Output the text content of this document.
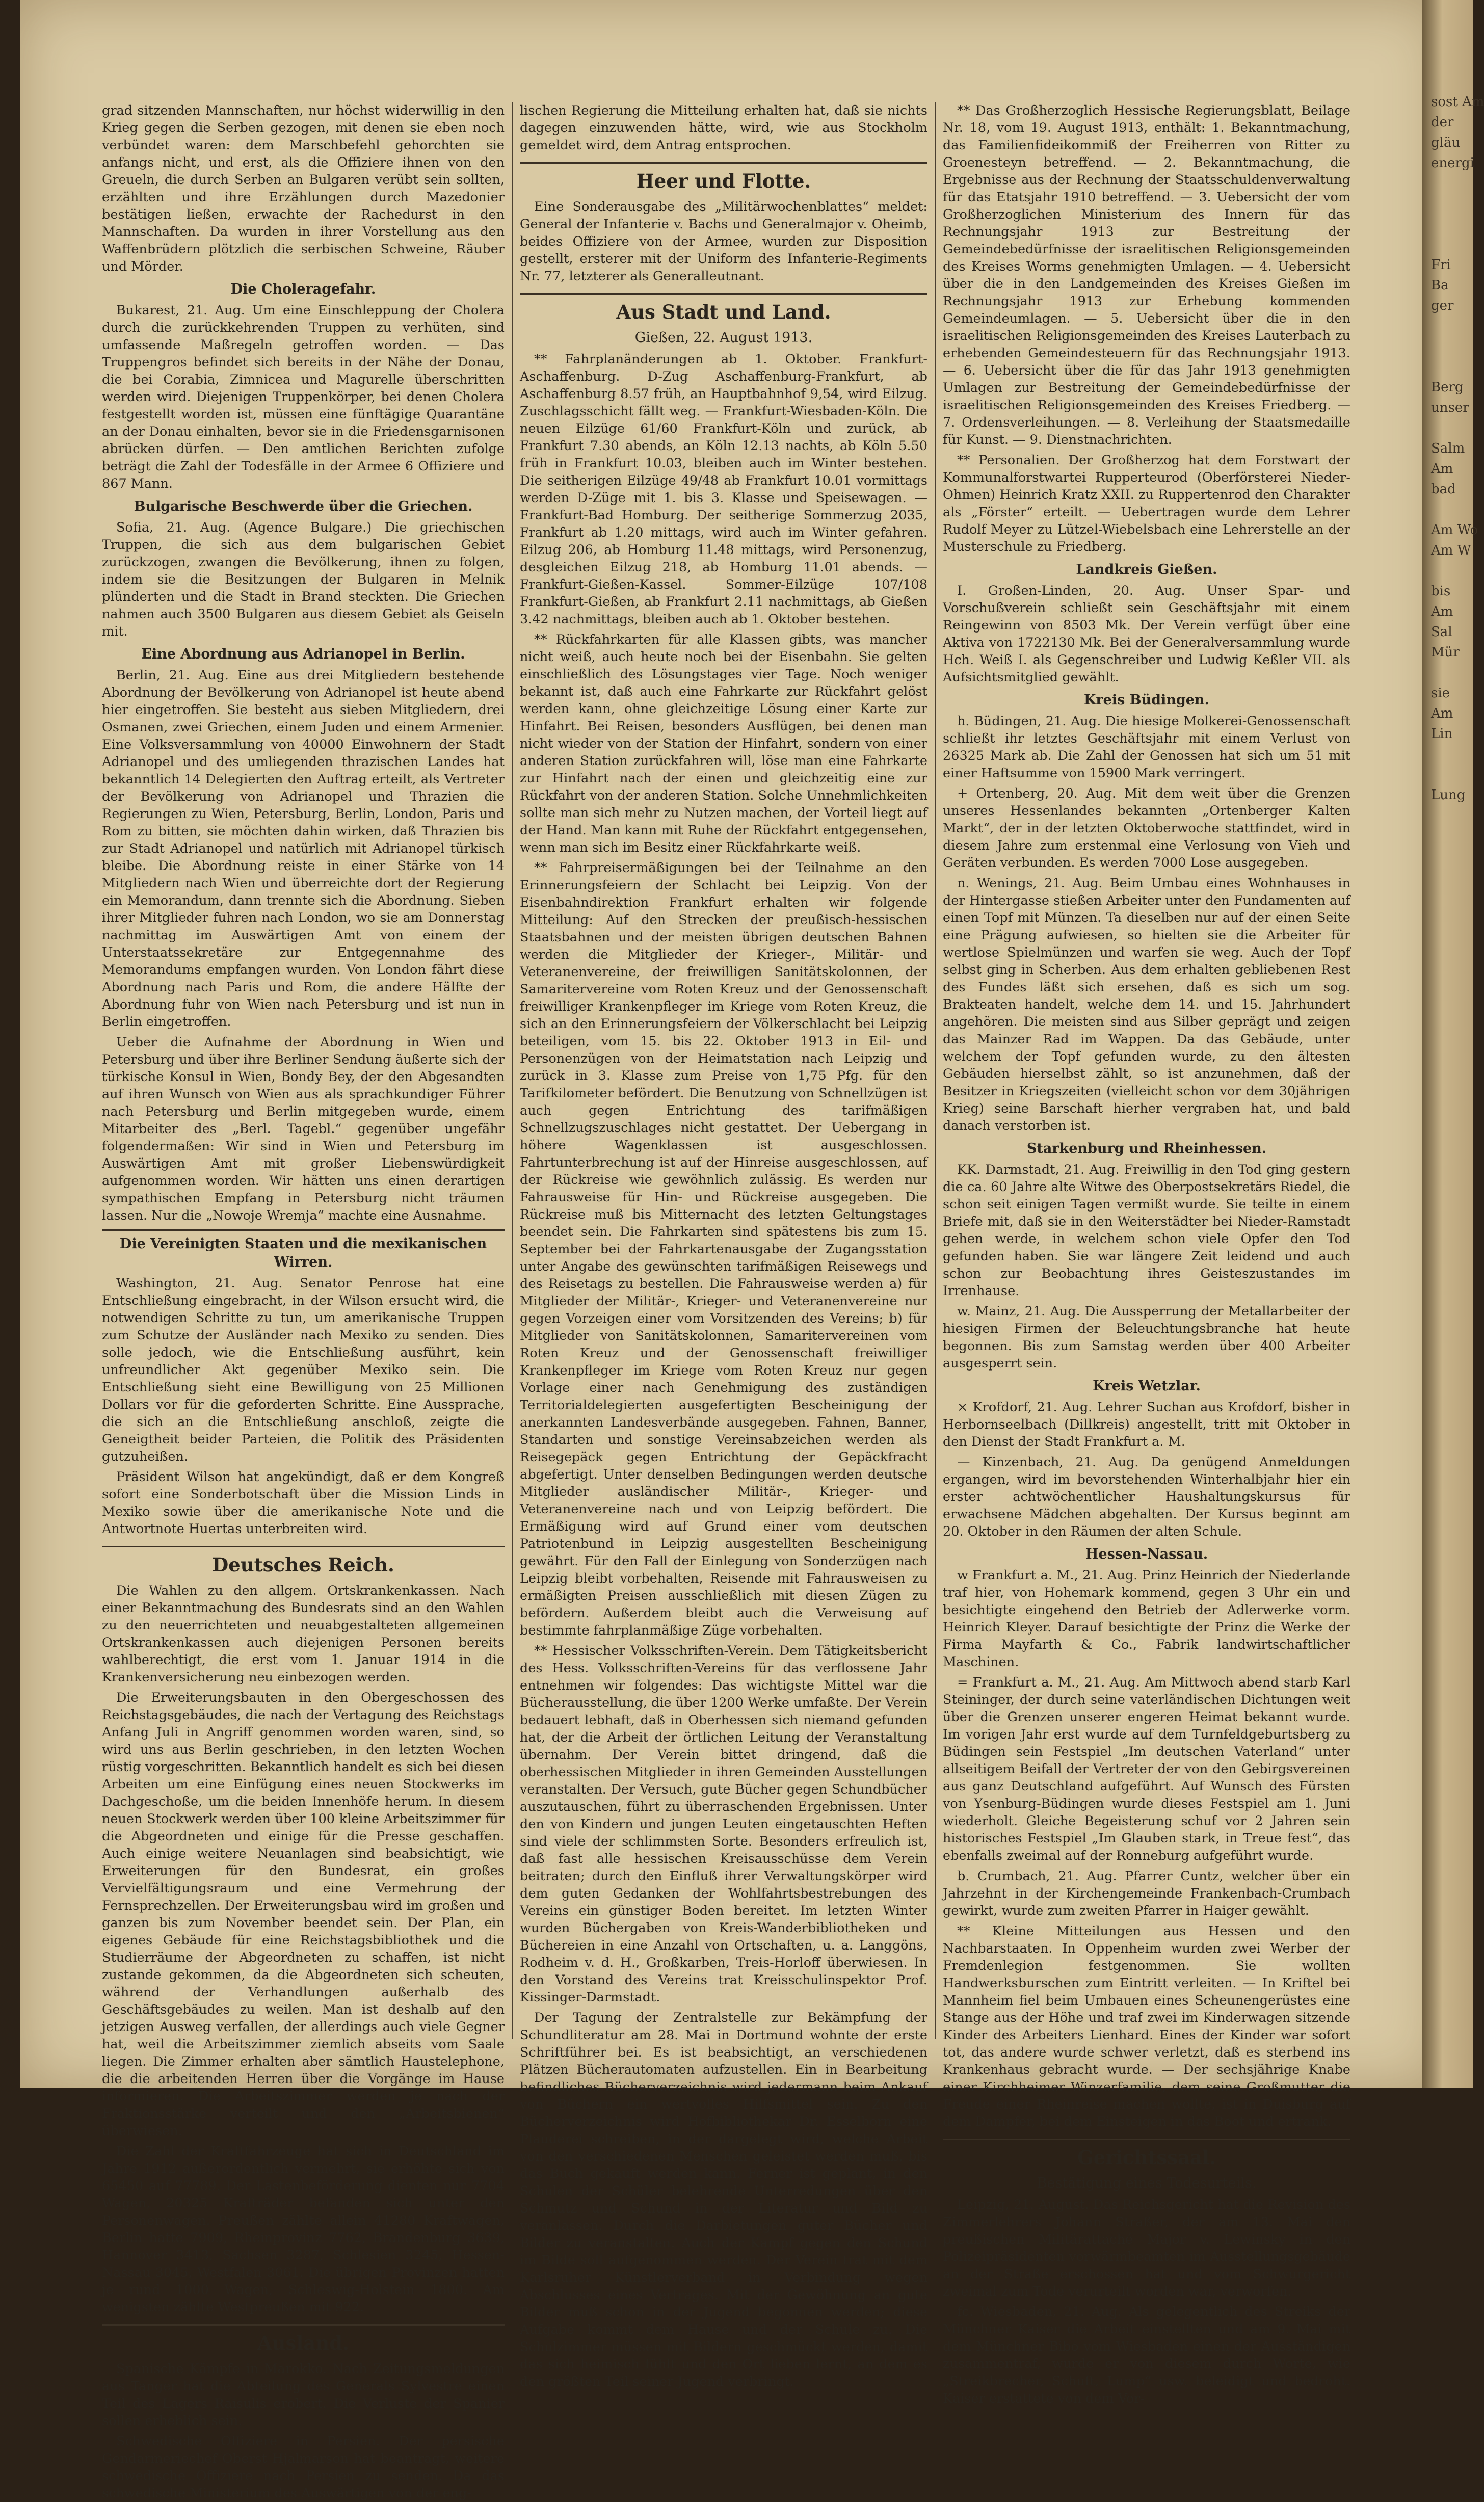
grad sitzenden Mannschaften, nur höchst widerwillig in den Krieg gegen die Serben gezogen, mit denen sie eben noch verbündet waren: dem Marschbefehl gehorchten sie anfangs nicht, und erst, als die Offiziere ihnen von den Greueln, die durch Serben an Bulgaren verübt sein sollten, erzählten und ihre Erzählungen durch Mazedonier bestätigen ließen, erwachte der Rachedurst in den Mannschaften. Da wurden in ihrer Vorstellung aus den Waffenbrüdern plötzlich die serbischen Schweine, Räuber und Mörder.

Die Choleragefahr.

Bukarest, 21. Aug. Um eine Einschleppung der Cholera durch die zurückkehrenden Truppen zu verhüten, sind umfassende Maßregeln getroffen worden. — Das Truppengros befindet sich bereits in der Nähe der Donau, die bei Corabia, Zimnicea und Magurelle überschritten werden wird. Diejenigen Truppenkörper, bei denen Cholera festgestellt worden ist, müssen eine fünftägige Quarantäne an der Donau einhalten, bevor sie in die Friedensgarnisonen abrücken dürfen. — Den amtlichen Berichten zufolge beträgt die Zahl der Todesfälle in der Armee 6 Offiziere und 867 Mann.

Bulgarische Beschwerde über die Griechen.

Sofia, 21. Aug. (Agence Bulgare.) Die griechischen Truppen, die sich aus dem bulgarischen Gebiet zurückzogen, zwangen die Bevölkerung, ihnen zu folgen, indem sie die Besitzungen der Bulgaren in Melnik plünderten und die Stadt in Brand steckten. Die Griechen nahmen auch 3500 Bulgaren aus diesem Gebiet als Geiseln mit.

Eine Abordnung aus Adrianopel in Berlin.

Berlin, 21. Aug. Eine aus drei Mitgliedern bestehende Abordnung der Bevölkerung von Adrianopel ist heute abend hier eingetroffen. Sie besteht aus sieben Mitgliedern, drei Osmanen, zwei Griechen, einem Juden und einem Armenier. Eine Volksversammlung von 40000 Einwohnern der Stadt Adrianopel und des umliegenden thrazischen Landes hat bekanntlich 14 Delegierten den Auftrag erteilt, als Vertreter der Bevölkerung von Adrianopel und Thrazien die Regierungen zu Wien, Petersburg, Berlin, London, Paris und Rom zu bitten, sie möchten dahin wirken, daß Thrazien bis zur Stadt Adrianopel und natürlich mit Adrianopel türkisch bleibe. Die Abordnung reiste in einer Stärke von 14 Mitgliedern nach Wien und überreichte dort der Regierung ein Memorandum, dann trennte sich die Abordnung. Sieben ihrer Mitglieder fuhren nach London, wo sie am Donnerstag nachmittag im Auswärtigen Amt von einem der Unterstaatssekretäre zur Entgegennahme des Memorandums empfangen wurden. Von London fährt diese Abordnung nach Paris und Rom, die andere Hälfte der Abordnung fuhr von Wien nach Petersburg und ist nun in Berlin eingetroffen.

Ueber die Aufnahme der Abordnung in Wien und Petersburg und über ihre Berliner Sendung äußerte sich der türkische Konsul in Wien, Bondy Bey, der den Abgesandten auf ihren Wunsch von Wien aus als sprachkundiger Führer nach Petersburg und Berlin mitgegeben wurde, einem Mitarbeiter des „Berl. Tagebl.“ gegenüber ungefähr folgendermaßen: Wir sind in Wien und Petersburg im Auswärtigen Amt mit großer Liebenswürdigkeit aufgenommen worden. Wir hätten uns einen derartigen sympathischen Empfang in Petersburg nicht träumen lassen. Nur die „Nowoje Wremja“ machte eine Ausnahme.

Die Vereinigten Staaten und die mexikanischen Wirren.

Washington, 21. Aug. Senator Penrose hat eine Entschließung eingebracht, in der Wilson ersucht wird, die notwendigen Schritte zu tun, um amerikanische Truppen zum Schutze der Ausländer nach Mexiko zu senden. Dies solle jedoch, wie die Entschließung ausführt, kein unfreundlicher Akt gegenüber Mexiko sein. Die Entschließung sieht eine Bewilligung von 25 Millionen Dollars vor für die geforderten Schritte. Eine Aussprache, die sich an die Entschließung anschloß, zeigte die Geneigtheit beider Parteien, die Politik des Präsidenten gutzuheißen.

Präsident Wilson hat angekündigt, daß er dem Kongreß sofort eine Sonderbotschaft über die Mission Linds in Mexiko sowie über die amerikanische Note und die Antwortnote Huertas unterbreiten wird.

Deutsches Reich.

Die Wahlen zu den allgem. Ortskrankenkassen. Nach einer Bekanntmachung des Bundesrats sind an den Wahlen zu den neuerrichteten und neuabgestalteten allgemeinen Ortskrankenkassen auch diejenigen Personen bereits wahlberechtigt, die erst vom 1. Januar 1914 in die Krankenversicherung neu einbezogen werden.

Die Erweiterungsbauten in den Obergeschossen des Reichstagsgebäudes, die nach der Vertagung des Reichstags Anfang Juli in Angriff genommen worden waren, sind, so wird uns aus Berlin geschrieben, in den letzten Wochen rüstig vorgeschritten. Bekanntlich handelt es sich bei diesen Arbeiten um eine Einfügung eines neuen Stockwerks im Dachgeschoße, um die beiden Innenhöfe herum. In diesem neuen Stockwerk werden über 100 kleine Arbeitszimmer für die Abgeordneten und einige für die Presse geschaffen. Auch einige weitere Neuanlagen sind beabsichtigt, wie Erweiterungen für den Bundesrat, ein großes Vervielfältigungsraum und eine Vermehrung der Fernsprechzellen. Der Erweiterungsbau wird im großen und ganzen bis zum November beendet sein. Der Plan, ein eigenes Gebäude für eine Reichstagsbibliothek und die Studierräume der Abgeordneten zu schaffen, ist nicht zustande gekommen, da die Abgeordneten sich scheuten, während der Verhandlungen außerhalb des Geschäftsgebäudes zu weilen. Man ist deshalb auf den jetzigen Ausweg verfallen, der allerdings auch viele Gegner hat, weil die Arbeitszimmer ziemlich abseits vom Saale liegen. Die Zimmer erhalten aber sämtlich Haustelephone, die die arbeitenden Herren über die Vorgänge im Hause informieren. Die Arbeitszimmer werden je nach der Fraktionsstärke verteilt und den „Arbeitsbienen“ überwiesen.

Die Zahl der Kraftfahrzeuge hat sich in Deutschland im Jahre 1912 außerordentlich vermehrt, sie erhöhte sich von 65450 auf 77789. Der Lastenbeförderung dienten nur 7704 Wagen, 20325 Krafträder befanden sich unter den Personenwagen. Preußen zählte allein 41280 Kraftwagen, Berlin hatte 7909, Rheinprovinz 7762, Brandenburg 3639, Hannover 3413, Sachsen 3287, Schlesien 3245, Hessen-Nassau 3045, Westfalen 3061. Die übrigen Provinzen hatten je rund 1000 Wagen, Schleswig-Holstein 1800. Am wenigsten zählte Westpreußen mit 922.

Ausland.

Spanische Kämpfe in Marokko. Nach Zeitungsmeldungen aus Tanger hat die Abteilung des Generals Sylvestre einen Teil des Lagers Raisulis erobert. Die Verluste der Spanier sollen erheblich sein.

Schwedische Offiziere in Persien. Der persische Gendarmeriechef Oberst Hjalmarson hat beantragt, weitere schwedische Offiziere nach Persien zu senden. Da das schwedische Ministerium des Auswärtigen von der eng-

lischen Regierung die Mitteilung erhalten hat, daß sie nichts dagegen einzuwenden hätte, wird, wie aus Stockholm gemeldet wird, dem Antrag entsprochen.

Heer und Flotte.

Eine Sonderausgabe des „Militärwochenblattes“ meldet: General der Infanterie v. Bachs und Generalmajor v. Oheimb, beides Offiziere von der Armee, wurden zur Disposition gestellt, ersterer mit der Uniform des Infanterie-Regiments Nr. 77, letzterer als Generalleutnant.

Aus Stadt und Land.
Gießen, 22. August 1913.

** Fahrplanänderungen ab 1. Oktober. Frankfurt-Aschaffenburg. D-Zug Aschaffenburg-Frankfurt, ab Aschaffenburg 8.57 früh, an Hauptbahnhof 9,54, wird Eilzug. Zuschlagsschicht fällt weg. — Frankfurt-Wiesbaden-Köln. Die neuen Eilzüge 61/60 Frankfurt-Köln und zurück, ab Frankfurt 7.30 abends, an Köln 12.13 nachts, ab Köln 5.50 früh in Frankfurt 10.03, bleiben auch im Winter bestehen. Die seitherigen Eilzüge 49/48 ab Frankfurt 10.01 vormittags werden D-Züge mit 1. bis 3. Klasse und Speisewagen. — Frankfurt-Bad Homburg. Der seitherige Sommerzug 2035, Frankfurt ab 1.20 mittags, wird auch im Winter gefahren. Eilzug 206, ab Homburg 11.48 mittags, wird Personenzug, desgleichen Eilzug 218, ab Homburg 11.01 abends. — Frankfurt-Gießen-Kassel. Sommer-Eilzüge 107/108 Frankfurt-Gießen, ab Frankfurt 2.11 nachmittags, ab Gießen 3.42 nachmittags, bleiben auch ab 1. Oktober bestehen.

** Rückfahrkarten für alle Klassen gibts, was mancher nicht weiß, auch heute noch bei der Eisenbahn. Sie gelten einschließlich des Lösungstages vier Tage. Noch weniger bekannt ist, daß auch eine Fahrkarte zur Rückfahrt gelöst werden kann, ohne gleichzeitige Lösung einer Karte zur Hinfahrt. Bei Reisen, besonders Ausflügen, bei denen man nicht wieder von der Station der Hinfahrt, sondern von einer anderen Station zurückfahren will, löse man eine Fahrkarte zur Hinfahrt nach der einen und gleichzeitig eine zur Rückfahrt von der anderen Station. Solche Unnehmlichkeiten sollte man sich mehr zu Nutzen machen, der Vorteil liegt auf der Hand. Man kann mit Ruhe der Rückfahrt entgegensehen, wenn man sich im Besitz einer Rückfahrkarte weiß.

** Fahrpreisermäßigungen bei der Teilnahme an den Erinnerungsfeiern der Schlacht bei Leipzig. Von der Eisenbahndirektion Frankfurt erhalten wir folgende Mitteilung: Auf den Strecken der preußisch-hessischen Staatsbahnen und der meisten übrigen deutschen Bahnen werden die Mitglieder der Krieger-, Militär- und Veteranenvereine, der freiwilligen Sanitätskolonnen, der Samaritervereine vom Roten Kreuz und der Genossenschaft freiwilliger Krankenpfleger im Kriege vom Roten Kreuz, die sich an den Erinnerungsfeiern der Völkerschlacht bei Leipzig beteiligen, vom 15. bis 22. Oktober 1913 in Eil- und Personenzügen von der Heimatstation nach Leipzig und zurück in 3. Klasse zum Preise von 1,75 Pfg. für den Tarifkilometer befördert. Die Benutzung von Schnellzügen ist auch gegen Entrichtung des tarifmäßigen Schnellzugszuschlages nicht gestattet. Der Uebergang in höhere Wagenklassen ist ausgeschlossen. Fahrtunterbrechung ist auf der Hinreise ausgeschlossen, auf der Rückreise wie gewöhnlich zulässig. Es werden nur Fahrausweise für Hin- und Rückreise ausgegeben. Die Rückreise muß bis Mitternacht des letzten Geltungstages beendet sein. Die Fahrkarten sind spätestens bis zum 15. September bei der Fahrkartenausgabe der Zugangsstation unter Angabe des gewünschten tarifmäßigen Reisewegs und des Reisetags zu bestellen. Die Fahrausweise werden a) für Mitglieder der Militär-, Krieger- und Veteranenvereine nur gegen Vorzeigen einer vom Vorsitzenden des Vereins; b) für Mitglieder von Sanitätskolonnen, Samaritervereinen vom Roten Kreuz und der Genossenschaft freiwilliger Krankenpfleger im Kriege vom Roten Kreuz nur gegen Vorlage einer nach Genehmigung des zuständigen Territorialdelegierten ausgefertigten Bescheinigung der anerkannten Landesverbände ausgegeben. Fahnen, Banner, Standarten und sonstige Vereinsabzeichen werden als Reisegepäck gegen Entrichtung der Gepäckfracht abgefertigt. Unter denselben Bedingungen werden deutsche Mitglieder ausländischer Militär-, Krieger- und Veteranenvereine nach und von Leipzig befördert. Die Ermäßigung wird auf Grund einer vom deutschen Patriotenbund in Leipzig ausgestellten Bescheinigung gewährt. Für den Fall der Einlegung von Sonderzügen nach Leipzig bleibt vorbehalten, Reisende mit Fahrausweisen zu ermäßigten Preisen ausschließlich mit diesen Zügen zu befördern. Außerdem bleibt auch die Verweisung auf bestimmte fahrplanmäßige Züge vorbehalten.

** Hessischer Volksschriften-Verein. Dem Tätigkeitsbericht des Hess. Volksschriften-Vereins für das verflossene Jahr entnehmen wir folgendes: Das wichtigste Mittel war die Bücherausstellung, die über 1200 Werke umfaßte. Der Verein bedauert lebhaft, daß in Oberhessen sich niemand gefunden hat, der die Arbeit der örtlichen Leitung der Veranstaltung übernahm. Der Verein bittet dringend, daß die oberhessischen Mitglieder in ihren Gemeinden Ausstellungen veranstalten. Der Versuch, gute Bücher gegen Schundbücher auszutauschen, führt zu überraschenden Ergebnissen. Unter den von Kindern und jungen Leuten eingetauschten Heften sind viele der schlimmsten Sorte. Besonders erfreulich ist, daß fast alle hessischen Kreisausschüsse dem Verein beitraten; durch den Einfluß ihrer Verwaltungskörper wird dem guten Gedanken der Wohlfahrtsbestrebungen des Vereins ein günstiger Boden bereitet. Im letzten Winter wurden Büchergaben von Kreis-Wanderbibliotheken und Büchereien in eine Anzahl von Ortschaften, u. a. Langgöns, Rodheim v. d. H., Großkarben, Treis-Horloff überwiesen. In den Vorstand des Vereins trat Kreisschulinspektor Prof. Kissinger-Darmstadt.

Der Tagung der Zentralstelle zur Bekämpfung der Schundliteratur am 28. Mai in Dortmund wohnte der erste Schriftführer bei. Es ist beabsichtigt, an verschiedenen Plätzen Bücherautomaten aufzustellen. Ein in Bearbeitung befindliches Bücherverzeichnis wird jedermann beim Ankauf von Büchern ein wertvolles Hilfsmittel sein. Zu den Bücherverzeichnis wird Hofbibliothekar Dr. Esselborn eine Plauderei schreiben, in der dargelegt wird, welche Arbeit von den verschiedenen Menschen geleistet werden muß, bis das Buch gekauft werden kann. Ferner ist geplant, in den Schulen der Schüler belehrende Unterredungen über den Schmutz und Schund in der Literatur und Bild zu veranlassen. Durch die Darbietungen guter Bücher und Bilder zu veranstalten. Auch der Kampf gegen den Schund im Bilde soll aufgenommen werden. Der Verein trat mit dem Karlsruher Künstlerverband in Verbindung wegen Abschlusses eines Vertrages. Mit der Gewöhnung an gute Bilder muß schon in der Jugend begonnen werden; diese Aufgabe kommt dem Hause und der Schule zu. Die Schulzimmer müssen mit Bildern geschmückt werden, damit das sich heimisch fühlt und den Ort lieben lernt, an dem es den größten Teil seiner Jugend verbringt.

** Das Großherzoglich Hessische Regierungsblatt, Beilage Nr. 18, vom 19. August 1913, enthält: 1. Bekanntmachung, das Familienfideikommiß der Freiherren von Ritter zu Groenesteyn betreffend. — 2. Bekanntmachung, die Ergebnisse aus der Rechnung der Staatsschuldenverwaltung für das Etatsjahr 1910 betreffend. — 3. Uebersicht der vom Großherzoglichen Ministerium des Innern für das Rechnungsjahr 1913 zur Bestreitung der Gemeindebedürfnisse der israelitischen Religionsgemeinden des Kreises Worms genehmigten Umlagen. — 4. Uebersicht über die in den Landgemeinden des Kreises Gießen im Rechnungsjahr 1913 zur Erhebung kommenden Gemeindeumlagen. — 5. Uebersicht über die in den israelitischen Religionsgemeinden des Kreises Lauterbach zu erhebenden Gemeindesteuern für das Rechnungsjahr 1913. — 6. Uebersicht über die für das Jahr 1913 genehmigten Umlagen zur Bestreitung der Gemeindebedürfnisse der israelitischen Religionsgemeinden des Kreises Friedberg. — 7. Ordensverleihungen. — 8. Verleihung der Staatsmedaille für Kunst. — 9. Dienstnachrichten.

** Personalien. Der Großherzog hat dem Forstwart der Kommunalforstwartei Rupperteurod (Oberförsterei Nieder-Ohmen) Heinrich Kratz XXII. zu Ruppertenrod den Charakter als „Förster“ erteilt. — Uebertragen wurde dem Lehrer Rudolf Meyer zu Lützel-Wiebelsbach eine Lehrerstelle an der Musterschule zu Friedberg.

Landkreis Gießen.

I. Großen-Linden, 20. Aug. Unser Spar- und Vorschußverein schließt sein Geschäftsjahr mit einem Reingewinn von 8503 Mk. Der Verein verfügt über eine Aktiva von 1722130 Mk. Bei der Generalversammlung wurde Hch. Weiß I. als Gegenschreiber und Ludwig Keßler VII. als Aufsichtsmitglied gewählt.

Kreis Büdingen.

h. Büdingen, 21. Aug. Die hiesige Molkerei-Genossenschaft schließt ihr letztes Geschäftsjahr mit einem Verlust von 26325 Mark ab. Die Zahl der Genossen hat sich um 51 mit einer Haftsumme von 15900 Mark verringert.

+ Ortenberg, 20. Aug. Mit dem weit über die Grenzen unseres Hessenlandes bekannten „Ortenberger Kalten Markt“, der in der letzten Oktoberwoche stattfindet, wird in diesem Jahre zum erstenmal eine Verlosung von Vieh und Geräten verbunden. Es werden 7000 Lose ausgegeben.

n. Wenings, 21. Aug. Beim Umbau eines Wohnhauses in der Hintergasse stießen Arbeiter unter den Fundamenten auf einen Topf mit Münzen. Ta dieselben nur auf der einen Seite eine Prägung aufwiesen, so hielten sie die Arbeiter für wertlose Spielmünzen und warfen sie weg. Auch der Topf selbst ging in Scherben. Aus dem erhalten gebliebenen Rest des Fundes läßt sich ersehen, daß es sich um sog. Brakteaten handelt, welche dem 14. und 15. Jahrhundert angehören. Die meisten sind aus Silber geprägt und zeigen das Mainzer Rad im Wappen. Da das Gebäude, unter welchem der Topf gefunden wurde, zu den ältesten Gebäuden hierselbst zählt, so ist anzunehmen, daß der Besitzer in Kriegszeiten (vielleicht schon vor dem 30jährigen Krieg) seine Barschaft hierher vergraben hat, und bald danach verstorben ist.

Starkenburg und Rheinhessen.

KK. Darmstadt, 21. Aug. Freiwillig in den Tod ging gestern die ca. 60 Jahre alte Witwe des Oberpostsekretärs Riedel, die schon seit einigen Tagen vermißt wurde. Sie teilte in einem Briefe mit, daß sie in den Weiterstädter bei Nieder-Ramstadt gehen werde, in welchem schon viele Opfer den Tod gefunden haben. Sie war längere Zeit leidend und auch schon zur Beobachtung ihres Geisteszustandes im Irrenhause.

w. Mainz, 21. Aug. Die Aussperrung der Metallarbeiter der hiesigen Firmen der Beleuchtungsbranche hat heute begonnen. Bis zum Samstag werden über 400 Arbeiter ausgesperrt sein.

Kreis Wetzlar.

× Krofdorf, 21. Aug. Lehrer Suchan aus Krofdorf, bisher in Herbornseelbach (Dillkreis) angestellt, tritt mit Oktober in den Dienst der Stadt Frankfurt a. M.

— Kinzenbach, 21. Aug. Da genügend Anmeldungen ergangen, wird im bevorstehenden Winterhalbjahr hier ein erster achtwöchentlicher Haushaltungskursus für erwachsene Mädchen abgehalten. Der Kursus beginnt am 20. Oktober in den Räumen der alten Schule.

Hessen-Nassau.

w Frankfurt a. M., 21. Aug. Prinz Heinrich der Niederlande traf hier, von Hohemark kommend, gegen 3 Uhr ein und besichtigte eingehend den Betrieb der Adlerwerke vorm. Heinrich Kleyer. Darauf besichtigte der Prinz die Werke der Firma Mayfarth & Co., Fabrik landwirtschaftlicher Maschinen.

= Frankfurt a. M., 21. Aug. Am Mittwoch abend starb Karl Steininger, der durch seine vaterländischen Dichtungen weit über die Grenzen unserer engeren Heimat bekannt wurde. Im vorigen Jahr erst wurde auf dem Turnfeldgeburtsberg zu Büdingen sein Festspiel „Im deutschen Vaterland“ unter allseitigem Beifall der Vertreter der von den Gebirgsvereinen aus ganz Deutschland aufgeführt. Auf Wunsch des Fürsten von Ysenburg-Büdingen wurde dieses Festspiel am 1. Juni wiederholt. Gleiche Begeisterung schuf vor 2 Jahren sein historisches Festspiel „Im Glauben stark, in Treue fest“, das ebenfalls zweimal auf der Ronneburg aufgeführt wurde.

b. Crumbach, 21. Aug. Pfarrer Cuntz, welcher über ein Jahrzehnt in der Kirchengemeinde Frankenbach-Crumbach gewirkt, wurde zum zweiten Pfarrer in Haiger gewählt.

** Kleine Mitteilungen aus Hessen und den Nachbarstaaten. In Oppenheim wurden zwei Werber der Fremdenlegion festgenommen. Sie wollten Handwerksburschen zum Eintritt verleiten. — In Kriftel bei Mannheim fiel beim Umbauen eines Scheunengerüstes eine Stange aus der Höhe und traf zwei im Kinderwagen sitzende Kinder des Arbeiters Lienhard. Eines der Kinder war sofort tot, das andere wurde schwer verletzt, daß es sterbend ins Krankenhaus gebracht wurde. — Der sechsjährige Knabe einer Kirchheimer Winzerfamilie, dem seine Großmutter die Freude einer Rheinreise machen wollte, ist in Duisburg auf dem Dampfer, bei dem Einsteigen in das Boot und ertrank.

Gerichtssaal.
Bestätigung eines Todesurteils.

Leipzig, 21. August. Das Reichsgericht hat die Revision des Zimmerlehrers Johann Straßer, der am 13. Mai den preußischen Militärattaché Major v. Lewinsky in den Polizeipräsidenten vorwärmbeamten im Ausstellungsgebäude an der Straße erschossen hat und vom Schwurgericht zweimal zum Tode verurteilt worden war, verworfen.

fc. Wiesbaden, 21. Aug. Als gelegentlich des Streiks der Münchner Kaiser die Arbeit einstellten und am 9. Mai mit dem Münchner Bibo vom Wiesbaden einen der Ausständigen zusammentraf, wurde er von diesem durch Worte, wie „Streikbrecher, Schuft, Lump“ usw. beleidigt und bedroht. Kaiser erstattete von dem Vor-

sost Am
der
gläu
energi

Fri
Ba
ger

Berg
unser

Salm
Am
bad

Am Wo
Am W

bis
Am
Sal
Mür

sie
Am
Lin

Lung
